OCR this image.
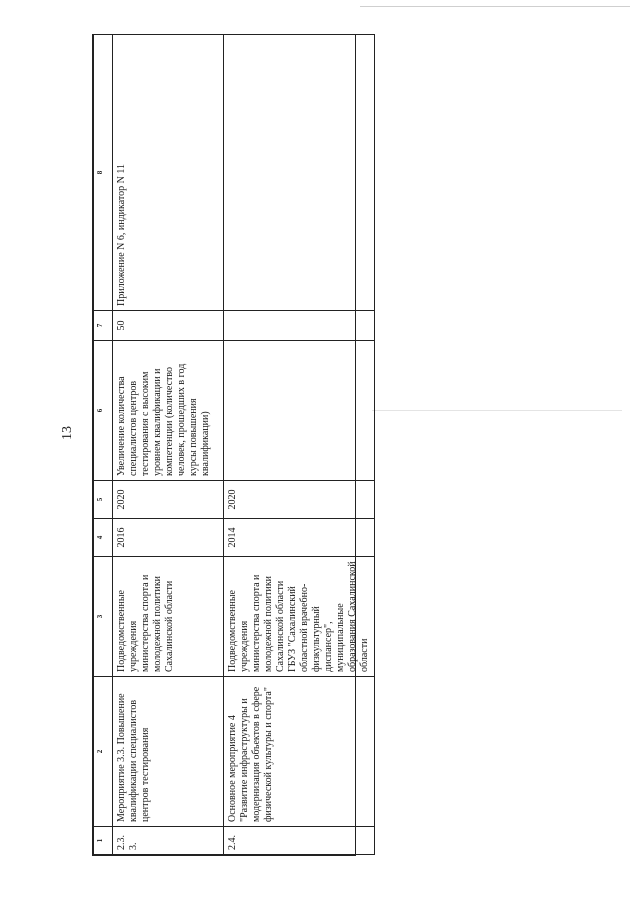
13
1	2	3	4	5	6	7	8
2.3.3.	Мероприятие 3.3. Повышение квалификации специалистов центров тестирования	Подведомственные учреждения министерства спорта и молодежной политики Сахалинской области	2016	2020	Увеличение количества специалистов центров тестирования с высоким уровнем квалификации и компетенции (количество человек, прошедших в год курсы повышения квалификации)	50	Приложение N 6, индикатор N 11
2.4.	Основное мероприятие 4 "Развитие инфраструктуры и модернизация объектов в сфере физической культуры и спорта"	Подведомственные учреждения министерства спорта и молодежной политики Сахалинской области ГБУЗ "Сахалинский областной врачебно-физкультурный диспансер", муниципальные образования Сахалинской области	2014	2020			
